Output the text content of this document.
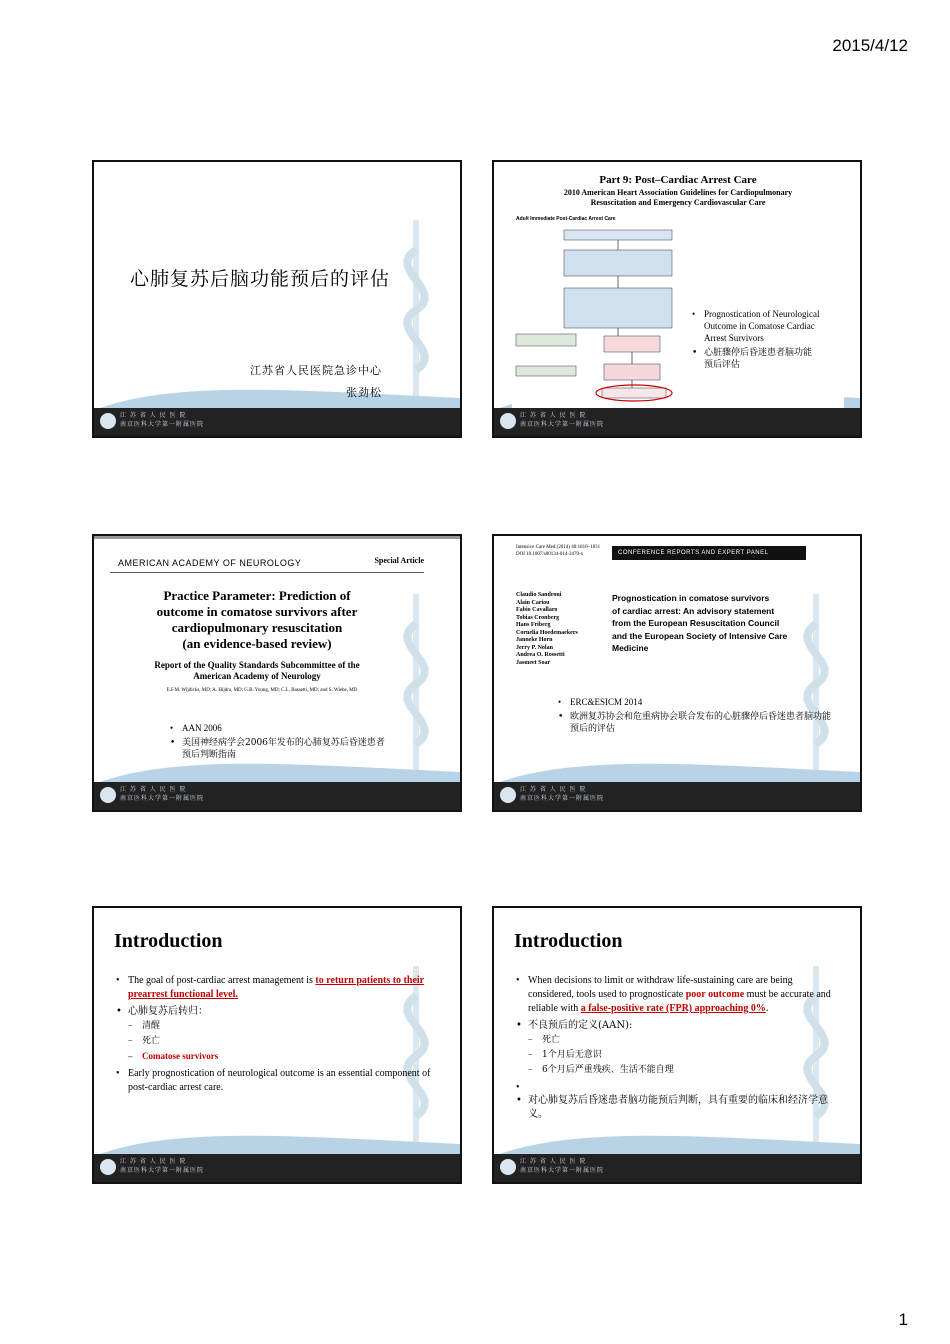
2015/4/12
心肺复苏后脑功能预后的评估
江苏省人民医院急诊中心
张劲松
江 苏 省 人 民 医 院
南京医科大学第一附属医院
Part 9: Post–Cardiac Arrest Care
2010 American Heart Association Guidelines for Cardiopulmonary
Resuscitation and Emergency Cardiovascular Care
Adult Immediate Post-Cardiac Arrest Care
• Prognostication of Neurological Outcome in Comatose Cardiac Arrest Survivors
• 心脏骤停后昏迷患者脑功能预后评估
江 苏 省 人 民 医 院
南京医科大学第一附属医院
AMERICAN ACADEMY OF NEUROLOGY	Special Article
Practice Parameter: Prediction of
outcome in comatose survivors after
cardiopulmonary resuscitation
(an evidence-based review)
Report of the Quality Standards Subcommittee of the
American Academy of Neurology
E.F.M. Wijdicks, MD; A. Hijdra, MD; G.B. Young, MD; C.L. Bassetti, MD; and S. Wiebe, MD
• AAN 2006
• 美国神经病学会2006年发布的心肺复苏后昏迷患者预后判断指南
江 苏 省 人 民 医 院
南京医科大学第一附属医院
Intensive Care Med (2014) 40:1816–1831
DOI 10.1007/s00134-014-3470-x	CONFERENCE REPORTS AND EXPERT PANEL
Claudio Sandroni
Alain Cariou
Fabio Cavallaro
Tobias Cronberg
Hans Friberg
Cornelia Hoedemaekers
Janneke Horn
Jerry P. Nolan
Andrea O. Rossetti
Jasmeet Soar
Prognostication in comatose survivors
of cardiac arrest: An advisory statement
from the European Resuscitation Council
and the European Society of Intensive Care
Medicine
• ERC&ESICM 2014
• 欧洲复苏协会和危重病协会联合发布的心脏骤停后昏迷患者脑功能预后的评估
江 苏 省 人 民 医 院
南京医科大学第一附属医院
Introduction
• The goal of post-cardiac arrest management is to return patients to their prearrest functional level.
• 心肺复苏后转归：
– 清醒
– 死亡
– Comatose survivors
• Early prognostication of neurological outcome is an essential component of post-cardiac arrest care.
江 苏 省 人 民 医 院
南京医科大学第一附属医院
Introduction
• When decisions to limit or withdraw life-sustaining care are being considered, tools used to prognosticate poor outcome must be accurate and reliable with a false-positive rate (FPR) approaching 0%.
• 不良预后的定义(AAN):
– 死亡
– 1个月后无意识
– 6个月后严重残疾、生活不能自理
•
• 对心肺复苏后昏迷患者脑功能预后判断，具有重要的临床和经济学意义。
江 苏 省 人 民 医 院
南京医科大学第一附属医院
1
